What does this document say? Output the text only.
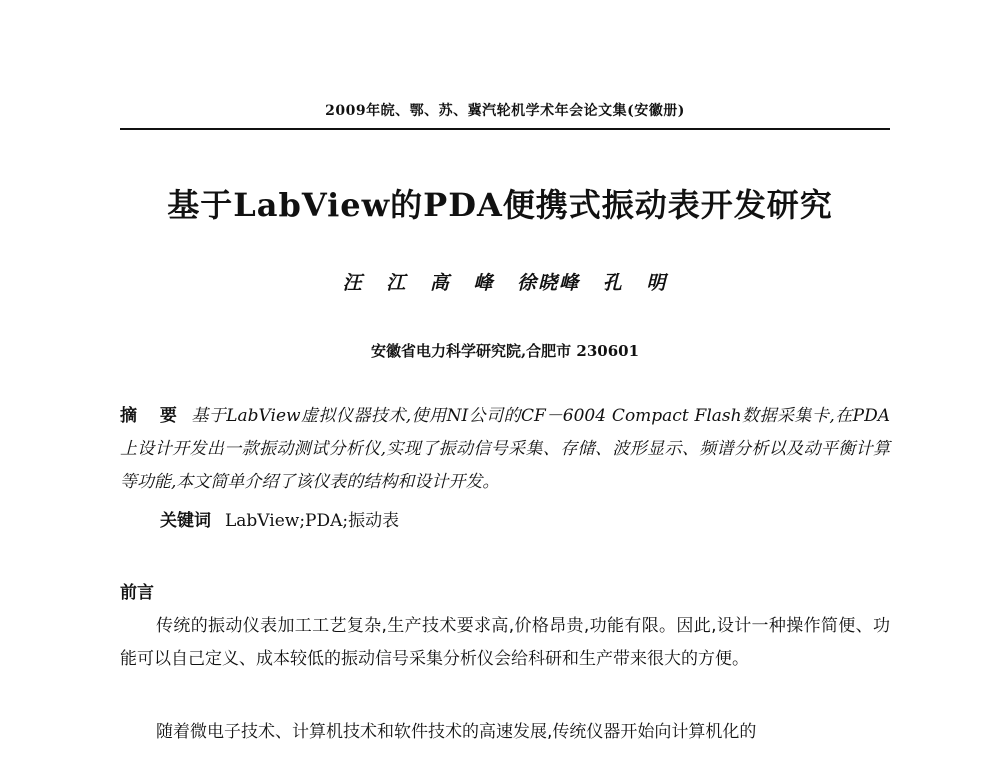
2009年皖、鄂、苏、冀汽轮机学术年会论文集(安徽册)
基于LabView的PDA便携式振动表开发研究
汪 江 高 峰 徐晓峰 孔 明
安徽省电力科学研究院,合肥市 230601

摘 要 基于LabView虚拟仪器技术,使用NI公司的CF－6004 Compact Flash数据采集卡,在PDA上设计开发出一款振动测试分析仪,实现了振动信号采集、存储、波形显示、频谱分析以及动平衡计算等功能,本文简单介绍了该仪表的结构和设计开发。

关键词 LabView;PDA;振动表
前言

传统的振动仪表加工工艺复杂,生产技术要求高,价格昂贵,功能有限。因此,设计一种操作简便、功能可以自己定义、成本较低的振动信号采集分析仪会给科研和生产带来很大的方便。

随着微电子技术、计算机技术和软件技术的高速发展,传统仪器开始向计算机化的
